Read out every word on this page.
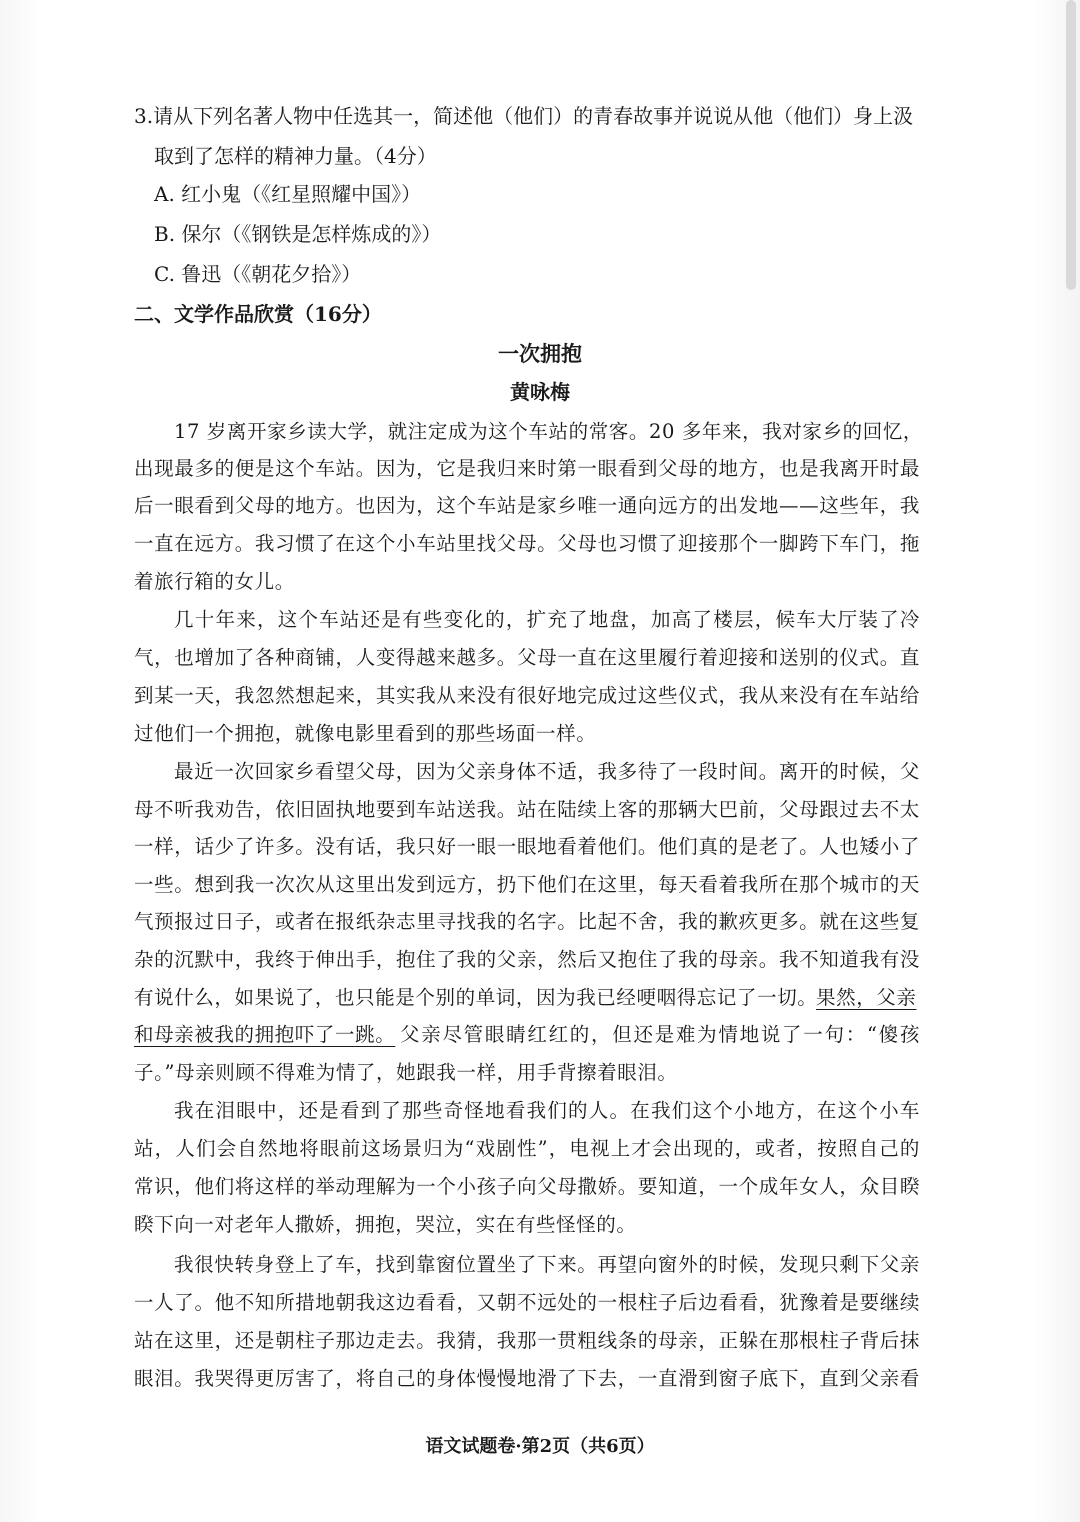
3.请从下列名著人物中任选其一，简述他（他们）的青春故事并说说从他（他们）身上汲
取到了怎样的精神力量。（4分）
A. 红小鬼（《红星照耀中国》）
B. 保尔（《钢铁是怎样炼成的》）
C. 鲁迅（《朝花夕拾》）
二、文学作品欣赏（16分）
一次拥抱
黄咏梅
17 岁离开家乡读大学，就注定成为这个车站的常客。20 多年来，我对家乡的回忆，
出现最多的便是这个车站。因为，它是我归来时第一眼看到父母的地方，也是我离开时最
后一眼看到父母的地方。也因为，这个车站是家乡唯一通向远方的出发地——这些年，我
一直在远方。我习惯了在这个小车站里找父母。父母也习惯了迎接那个一脚跨下车门，拖
着旅行箱的女儿。
几十年来，这个车站还是有些变化的，扩充了地盘，加高了楼层，候车大厅装了冷
气，也增加了各种商铺，人变得越来越多。父母一直在这里履行着迎接和送别的仪式。直
到某一天，我忽然想起来，其实我从来没有很好地完成过这些仪式，我从来没有在车站给
过他们一个拥抱，就像电影里看到的那些场面一样。
最近一次回家乡看望父母，因为父亲身体不适，我多待了一段时间。离开的时候，父
母不听我劝告，依旧固执地要到车站送我。站在陆续上客的那辆大巴前，父母跟过去不太
一样，话少了许多。没有话，我只好一眼一眼地看着他们。他们真的是老了。人也矮小了
一些。想到我一次次从这里出发到远方，扔下他们在这里，每天看着我所在那个城市的天
气预报过日子，或者在报纸杂志里寻找我的名字。比起不舍，我的歉疚更多。就在这些复
杂的沉默中，我终于伸出手，抱住了我的父亲，然后又抱住了我的母亲。我不知道我有没
有说什么，如果说了，也只能是个别的单词，因为我已经哽咽得忘记了一切。
果然，父亲
和母亲被我的拥抱吓了一跳。 父亲尽管眼睛红红的，但还是难为情地说了一句：“傻孩
子。”母亲则顾不得难为情了，她跟我一样，用手背擦着眼泪。
我在泪眼中，还是看到了那些奇怪地看我们的人。在我们这个小地方，在这个小车
站，人们会自然地将眼前这场景归为“戏剧性”，电视上才会出现的，或者，按照自己的
常识，他们将这样的举动理解为一个小孩子向父母撒娇。要知道，一个成年女人，众目睽
睽下向一对老年人撒娇，拥抱，哭泣，实在有些怪怪的。
我很快转身登上了车，找到靠窗位置坐了下来。再望向窗外的时候，发现只剩下父亲
一人了。他不知所措地朝我这边看看，又朝不远处的一根柱子后边看看，犹豫着是要继续
站在这里，还是朝柱子那边走去。我猜，我那一贯粗线条的母亲，正躲在那根柱子背后抹
眼泪。我哭得更厉害了，将自己的身体慢慢地滑了下去，一直滑到窗子底下，直到父亲看
语文试题卷·第2页（共6页）
